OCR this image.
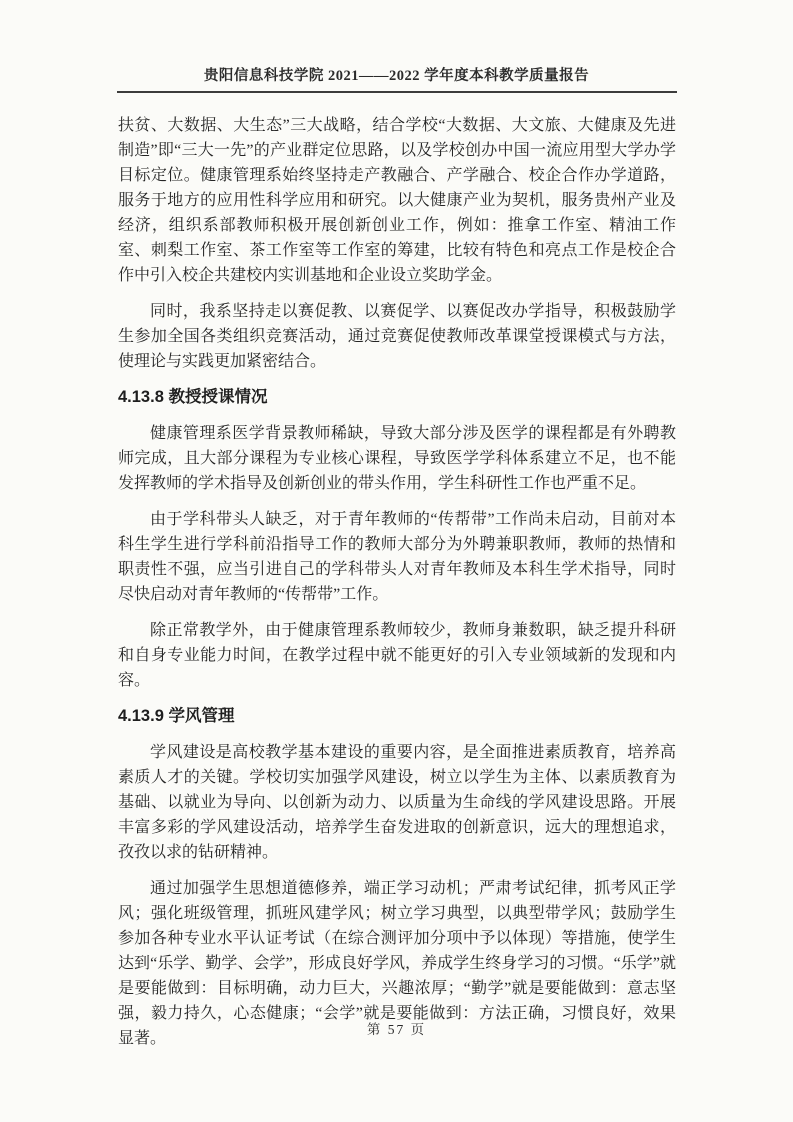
贵阳信息科技学院 2021——2022 学年度本科教学质量报告

扶贫、大数据、大生态”三大战略，结合学校“大数据、大文旅、大健康及先进制造”即“三大一先”的产业群定位思路，以及学校创办中国一流应用型大学办学目标定位。健康管理系始终坚持走产教融合、产学融合、校企合作办学道路，服务于地方的应用性科学应用和研究。以大健康产业为契机，服务贵州产业及经济，组织系部教师积极开展创新创业工作，例如：推拿工作室、精油工作室、刺梨工作室、茶工作室等工作室的筹建，比较有特色和亮点工作是校企合作中引入校企共建校内实训基地和企业设立奖助学金。

同时，我系坚持走以赛促教、以赛促学、以赛促改办学指导，积极鼓励学生参加全国各类组织竞赛活动，通过竞赛促使教师改革课堂授课模式与方法，使理论与实践更加紧密结合。

4.13.8 教授授课情况

健康管理系医学背景教师稀缺，导致大部分涉及医学的课程都是有外聘教师完成，且大部分课程为专业核心课程，导致医学学科体系建立不足，也不能发挥教师的学术指导及创新创业的带头作用，学生科研性工作也严重不足。

由于学科带头人缺乏，对于青年教师的“传帮带”工作尚未启动，目前对本科生学生进行学科前沿指导工作的教师大部分为外聘兼职教师，教师的热情和职责性不强，应当引进自己的学科带头人对青年教师及本科生学术指导，同时尽快启动对青年教师的“传帮带”工作。

除正常教学外，由于健康管理系教师较少，教师身兼数职，缺乏提升科研和自身专业能力时间，在教学过程中就不能更好的引入专业领域新的发现和内容。

4.13.9 学风管理

学风建设是高校教学基本建设的重要内容，是全面推进素质教育，培养高素质人才的关键。学校切实加强学风建设，树立以学生为主体、以素质教育为基础、以就业为导向、以创新为动力、以质量为生命线的学风建设思路。开展丰富多彩的学风建设活动，培养学生奋发进取的创新意识，远大的理想追求，孜孜以求的钻研精神。

通过加强学生思想道德修养，端正学习动机；严肃考试纪律，抓考风正学风；强化班级管理，抓班风建学风；树立学习典型，以典型带学风；鼓励学生参加各种专业水平认证考试（在综合测评加分项中予以体现）等措施，使学生达到“乐学、勤学、会学”，形成良好学风，养成学生终身学习的习惯。“乐学”就是要能做到：目标明确，动力巨大，兴趣浓厚；“勤学”就是要能做到：意志坚强，毅力持久，心态健康；“会学”就是要能做到：方法正确，习惯良好，效果显著。

第 57 页
